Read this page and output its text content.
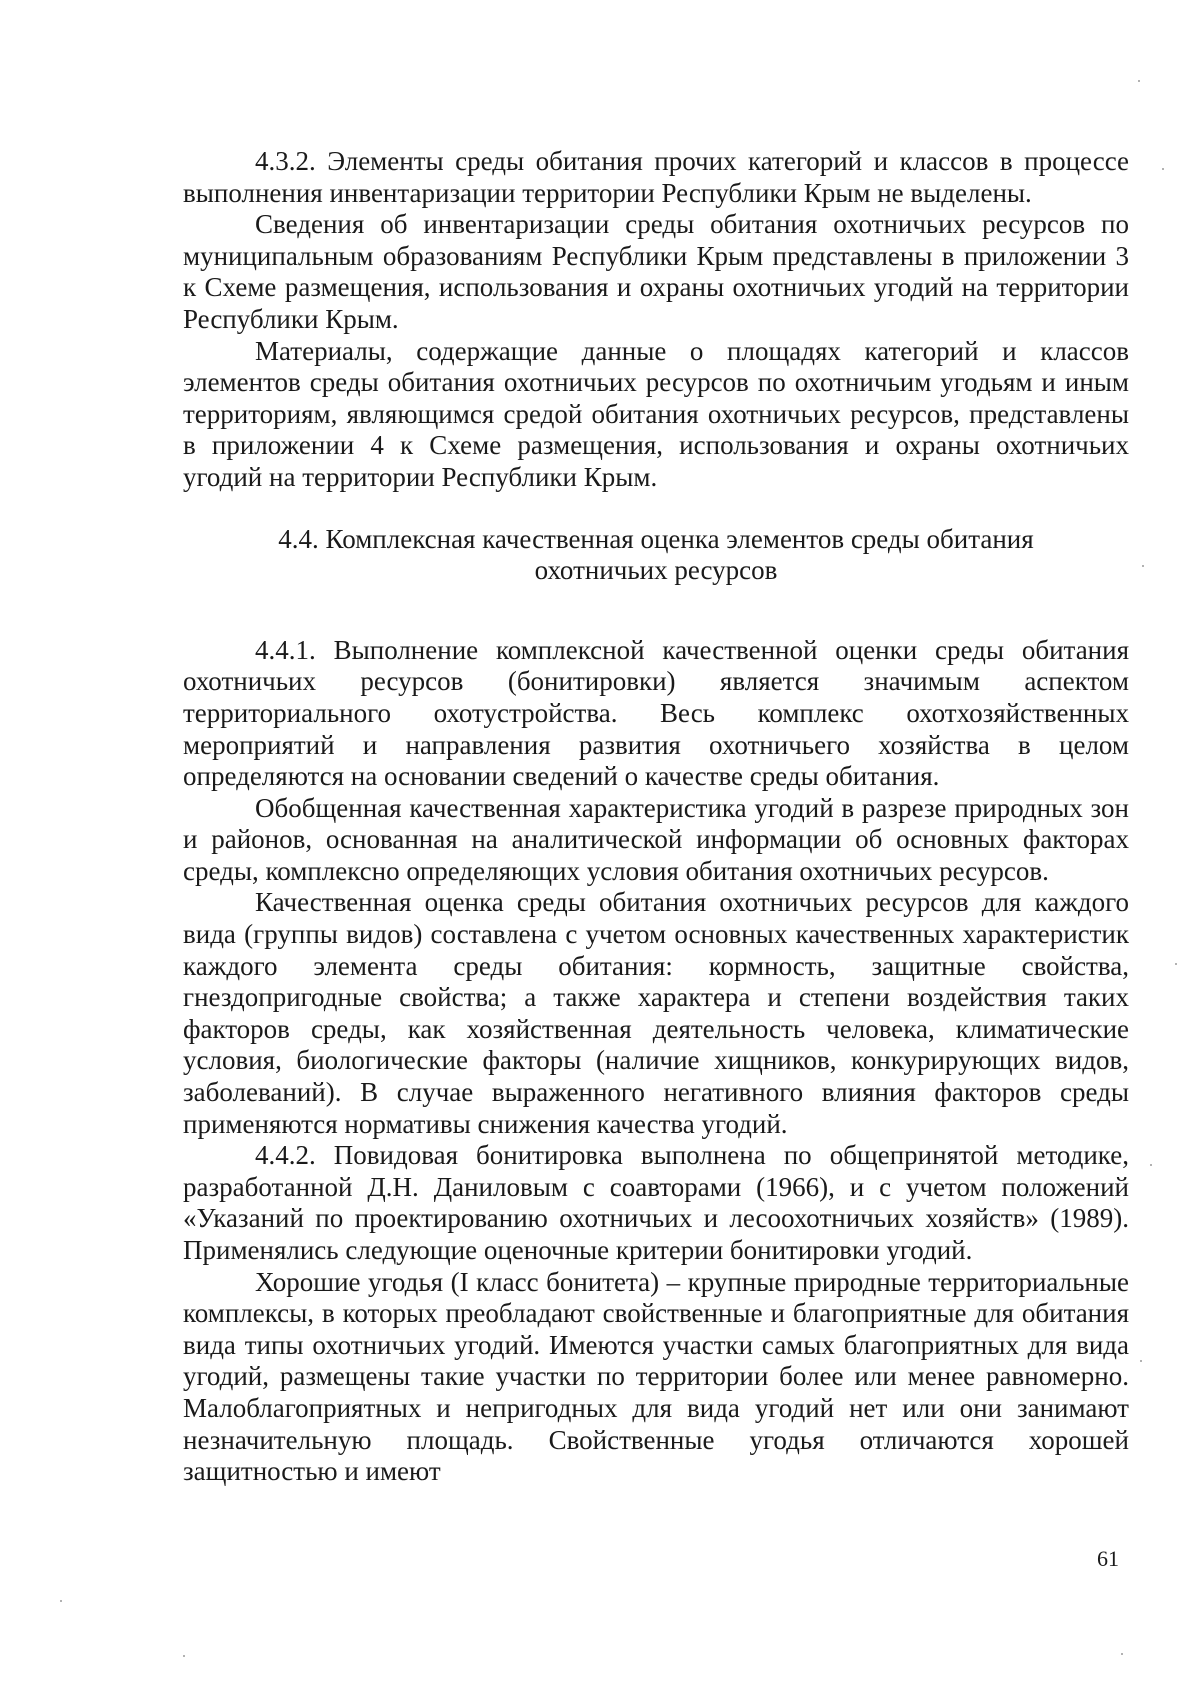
4.3.2. Элементы среды обитания прочих категорий и классов в процессе выполнения инвентаризации территории Республики Крым не выделены.

Сведения об инвентаризации среды обитания охотничьих ресурсов по муниципальным образованиям Республики Крым представлены в приложении 3 к Схеме размещения, использования и охраны охотничьих угодий на территории Республики Крым.

Материалы, содержащие данные о площадях категорий и классов элементов среды обитания охотничьих ресурсов по охотничьим угодьям и иным территориям, являющимся средой обитания охотничьих ресурсов, представлены в приложении 4 к Схеме размещения, использования и охраны охотничьих угодий на территории Республики Крым.

4.4. Комплексная качественная оценка элементов среды обитания
охотничьих ресурсов

4.4.1. Выполнение комплексной качественной оценки среды обитания охотничьих ресурсов (бонитировки) является значимым аспектом территориального охотустройства. Весь комплекс охотхозяйственных мероприятий и направления развития охотничьего хозяйства в целом определяются на основании сведений о качестве среды обитания.

Обобщенная качественная характеристика угодий в разрезе природных зон и районов, основанная на аналитической информации об основных факторах среды, комплексно определяющих условия обитания охотничьих ресурсов.

Качественная оценка среды обитания охотничьих ресурсов для каждого вида (группы видов) составлена с учетом основных качественных характеристик каждого элемента среды обитания: кормность, защитные свойства, гнездопригодные свойства; а также характера и степени воздействия таких факторов среды, как хозяйственная деятельность человека, климатические условия, биологические факторы (наличие хищников, конкурирующих видов, заболеваний). В случае выраженного негативного влияния факторов среды применяются нормативы снижения качества угодий.

4.4.2. Повидовая бонитировка выполнена по общепринятой методике, разработанной Д.Н. Даниловым с соавторами (1966), и с учетом положений «Указаний по проектированию охотничьих и лесоохотничьих хозяйств» (1989). Применялись следующие оценочные критерии бонитировки угодий.

Хорошие угодья (I класс бонитета) – крупные природные территориальные комплексы, в которых преобладают свойственные и благоприятные для обитания вида типы охотничьих угодий. Имеются участки самых благоприятных для вида угодий, размещены такие участки по территории более или менее равномерно. Малоблагоприятных и непригодных для вида угодий нет или они занимают незначительную площадь. Свойственные угодья отличаются хорошей защитностью и имеют

61
